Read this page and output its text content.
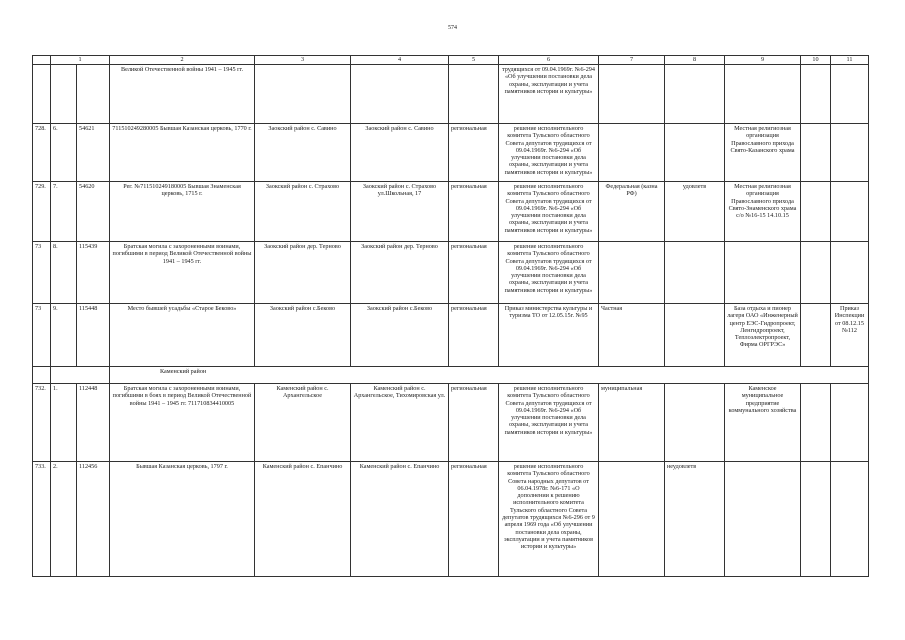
574
	1		2	3	4	5	6	7	8	9	10	11
			Великой Отечественной войны 1941 – 1945 гг.				трудящихся от 09.04.1969г. №6-294 «Об улучшении постановки дела охраны, эксплуатации и учета памятников истории и культуры»					
728.	6.	54621	711510249280005 Бывшая Казанская церковь, 1770 г.	Заокский район с. Савино	Заокский район с. Савино	региональная	решение исполнительного комитета Тульского областного Совета депутатов трудящихся от 09.04.1969г. №6-294 «Об улучшении постановки дела охраны, эксплуатации и учета памятников истории и культуры»			Местная религиозная организация Православного прихода Свято-Казанского храма		
729.	7.	54620	Рег. №711510249180005 Бывшая Знаменская церковь, 1715 г.	Заокский район с. Страхово	Заокский район с. Страхово ул.Школьная, 17	региональная	решение исполнительного комитета Тульского областного Совета депутатов трудящихся от 09.04.1969г. №6-294 «Об улучшении постановки дела охраны, эксплуатации и учета памятников истории и культуры»	Федеральная (казна РФ)	удовлетв	Местная религиозная организация Православного прихода Свято-Знаменского храма с/о №16-15 14.10.15		
73	8.	115439	Братская могила с захороненными воинами, погибшими в период Великой Отечественной войны 1941 – 1945 гг.	Заокский район дер. Терново	Заокский район дер. Терново	региональная	решение исполнительного комитета Тульского областного Совета депутатов трудящихся от 09.04.1969г. №6-294 «Об улучшении постановки дела охраны, эксплуатации и учета памятников истории и культуры»					
73	9.	115448	Место бывшей усадьбы «Старое Беково»	Заокский район с.Беково	Заокский район с.Беково	региональная	Приказ министерства культуры и туризма ТО от 12.05.15г. №95	Частная		База отдыха и пионер лагеря ОАО «Инженерный центр ЕЭС-Гидропроект, Ленгидропроект, Теплоэлектропроект, Фирма ОРГРЭС»		Приказ Инспекции от 08.12.15 №112
			Каменский район									
732.	1.	112448	Братская могила с захороненными воинами, погибшими в боях в период Великой Отечественной войны 1941 – 1945 гг. 711710834410005	Каменский район с. Архангельское	Каменский район с. Архангельское, Тихомировская ул.	региональная	решение исполнительного комитета Тульского областного Совета депутатов трудящихся от 09.04.1969г. №6-294 «Об улучшении постановки дела охраны, эксплуатации и учета памятников истории и культуры»	муниципальная		Каменское муниципальное предприятие коммунального хозяйства		
733.	2.	112456	Бывшая Казанская церковь, 1797 г.	Каменский район с. Епанчино	Каменский район с. Епанчино	региональная	решение исполнительного комитета Тульского областного Совета народных депутатов от 06.04.1978г. №6-171 «О дополнении к решению исполнительного комитета Тульского областного Совета депутатов трудящихся №6-296 от 9 апреля 1969 года «Об улучшении постановки дела охраны, эксплуатации и учета памятников истории и культуры»		неудовлетв			
